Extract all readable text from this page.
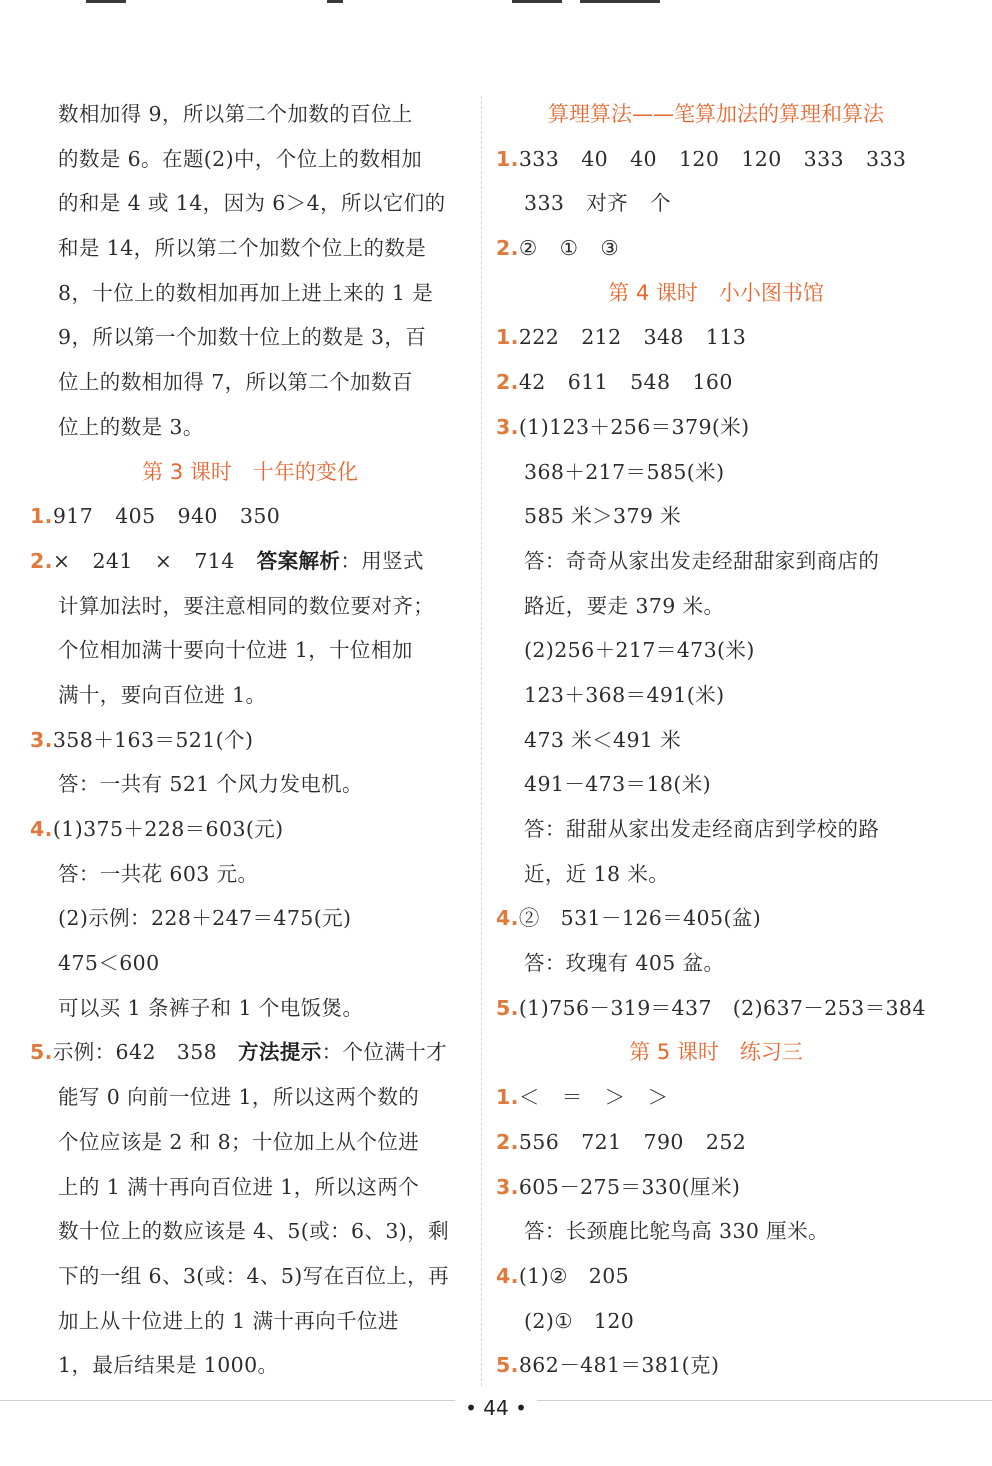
数相加得 9，所以第二个加数的百位上
的数是 6。在题(2)中，个位上的数相加
的和是 4 或 14，因为 6＞4，所以它们的
和是 14，所以第二个加数个位上的数是
8，十位上的数相加再加上进上来的 1 是
9，所以第一个加数十位上的数是 3，百
位上的数相加得 7，所以第二个加数百
位上的数是 3。
第 3 课时　十年的变化
1.917 405 940 350
2.× 241 × 714 答案解析：用竖式
计算加法时，要注意相同的数位要对齐；
个位相加满十要向十位进 1，十位相加
满十，要向百位进 1。
3.358＋163＝521(个)
答：一共有 521 个风力发电机。
4.(1)375＋228＝603(元)
答：一共花 603 元。
(2)示例：228＋247＝475(元)
475＜600
可以买 1 条裤子和 1 个电饭煲。
5.示例：642　358　方法提示：个位满十才
能写 0 向前一位进 1，所以这两个数的
个位应该是 2 和 8；十位加上从个位进
上的 1 满十再向百位进 1，所以这两个
数十位上的数应该是 4、5(或：6、3)，剩
下的一组 6、3(或：4、5)写在百位上，再
加上从十位进上的 1 满十再向千位进
1，最后结果是 1000。
算理算法——笔算加法的算理和算法
1.333 40 40 120 120 333 333
333 对齐 个
2.② ① ③
第 4 课时　小小图书馆
1.222 212 348 113
2.42 611 548 160
3.(1)123＋256＝379(米)
368＋217＝585(米)
585 米＞379 米
答：奇奇从家出发走经甜甜家到商店的
路近，要走 379 米。
(2)256＋217＝473(米)
123＋368＝491(米)
473 米＜491 米
491－473＝18(米)
答：甜甜从家出发走经商店到学校的路
近，近 18 米。
4.②　531－126＝405(盆)
答：玫瑰有 405 盆。
5.(1)756－319＝437　(2)637－253＝384
第 5 课时　练习三
1.＜ ＝ ＞ ＞
2.556 721 790 252
3.605－275＝330(厘米)
答：长颈鹿比鸵鸟高 330 厘米。
4.(1)②　205
(2)①　120
5.862－481＝381(克)
• 44 •
